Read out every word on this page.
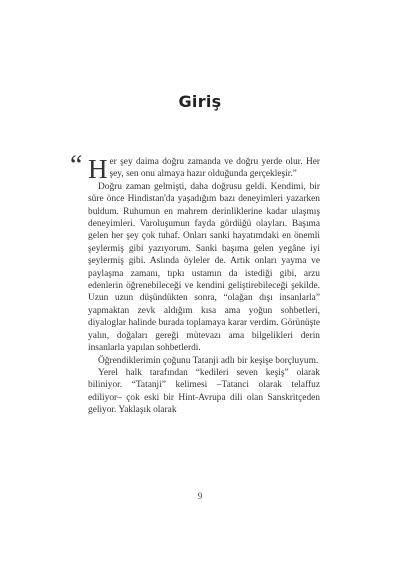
Giriş

“ H er şey daima doğru zamanda ve doğru yerde olur. Her şey, sen onu almaya hazır olduğunda gerçekleşir.”

Doğru zaman gelmişti, daha doğrusu geldi. Kendimi, bir süre önce Hindistan'da yaşadığım bazı deneyimleri yazarken buldum. Ruhumun en mahrem derinliklerine kadar ulaşmış deneyimleri. Varoluşumun fayda gördüğü olayları. Başıma gelen her şey çok tuhaf. Onları sanki hayatımdaki en önemli şeylermiş gibi yazıyorum. Sanki başıma gelen yegâne iyi şeylermiş gibi. Aslında öyleler de. Artık onları yayma ve paylaşma zamanı, tıpkı ustamın da istediği gibi, arzu edenlerin öğrenebileceği ve kendini geliştirebileceği şekilde. Uzun uzun düşündükten sonra, “olağan dışı insanlarla” yapmaktan zevk aldığım kısa ama yoğun sohbetleri, diyaloglar halinde burada toplamaya karar verdim. Görünüşte yalın, doğaları gereği mütevazı ama bilgelikleri derin insanlarla yapılan sohbetlerdi.

Öğrendiklerimin çoğunu Tatanji adlı bir keşişe borçluyum.

Yerel halk tarafından “kedileri seven keşiş” olarak biliniyor. “Tatanji” kelimesi –Tatanci olarak telaffuz ediliyor– çok eski bir Hint-Avrupa dili olan Sanskritçeden geliyor. Yaklaşık olarak

9
